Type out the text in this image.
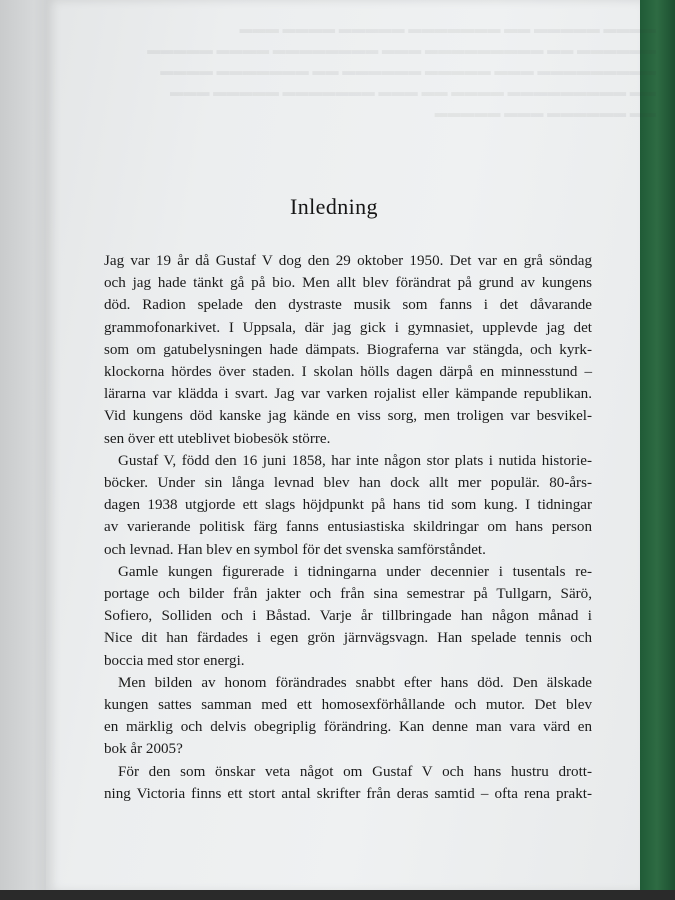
▬▬▬▬ ▬▬▬▬▬ ▬▬ ▬▬▬▬▬▬▬ ▬▬▬▬▬ ▬▬▬▬ ▬▬▬
▬▬▬▬▬▬ ▬▬ ▬▬▬▬▬▬▬▬▬ ▬▬▬ ▬▬▬▬▬▬▬▬ ▬▬▬▬ ▬▬▬▬▬
▬▬▬▬▬▬▬▬▬ ▬▬▬ ▬▬▬▬▬ ▬▬▬▬▬▬ ▬▬ ▬▬▬▬▬▬▬ ▬▬▬▬
▬▬ ▬▬▬▬▬▬▬▬▬ ▬▬▬▬ ▬▬ ▬▬▬ ▬▬▬▬▬▬▬ ▬▬▬▬▬ ▬▬▬
▬▬ ▬▬▬▬▬▬ ▬▬▬ ▬▬▬▬▬
Inledning
Jag var 19 år då Gustaf V dog den 29 oktober 1950. Det var en grå söndag
och jag hade tänkt gå på bio. Men allt blev förändrat på grund av kungens
död. Radion spelade den dystraste musik som fanns i det dåvarande
grammofonarkivet. I Uppsala, där jag gick i gymnasiet, upplevde jag det
som om gatubelysningen hade dämpats. Biograferna var stängda, och kyrk-
klockorna hördes över staden. I skolan hölls dagen därpå en minnesstund –
lärarna var klädda i svart. Jag var varken rojalist eller kämpande republikan.
Vid kungens död kanske jag kände en viss sorg, men troligen var besvikel-
sen över ett uteblivet biobesök större.
Gustaf V, född den 16 juni 1858, har inte någon stor plats i nutida historie-
böcker. Under sin långa levnad blev han dock allt mer populär. 80-års-
dagen 1938 utgjorde ett slags höjdpunkt på hans tid som kung. I tidningar
av varierande politisk färg fanns entusiastiska skildringar om hans person
och levnad. Han blev en symbol för det svenska samförståndet.
Gamle kungen figurerade i tidningarna under decennier i tusentals re-
portage och bilder från jakter och från sina semestrar på Tullgarn, Särö,
Sofiero, Solliden och i Båstad. Varje år tillbringade han någon månad i
Nice dit han färdades i egen grön järnvägsvagn. Han spelade tennis och
boccia med stor energi.
Men bilden av honom förändrades snabbt efter hans död. Den älskade
kungen sattes samman med ett homosexförhållande och mutor. Det blev
en märklig och delvis obegriplig förändring. Kan denne man vara värd en
bok år 2005?
För den som önskar veta något om Gustaf V och hans hustru drott-
ning Victoria finns ett stort antal skrifter från deras samtid – ofta rena prakt-
